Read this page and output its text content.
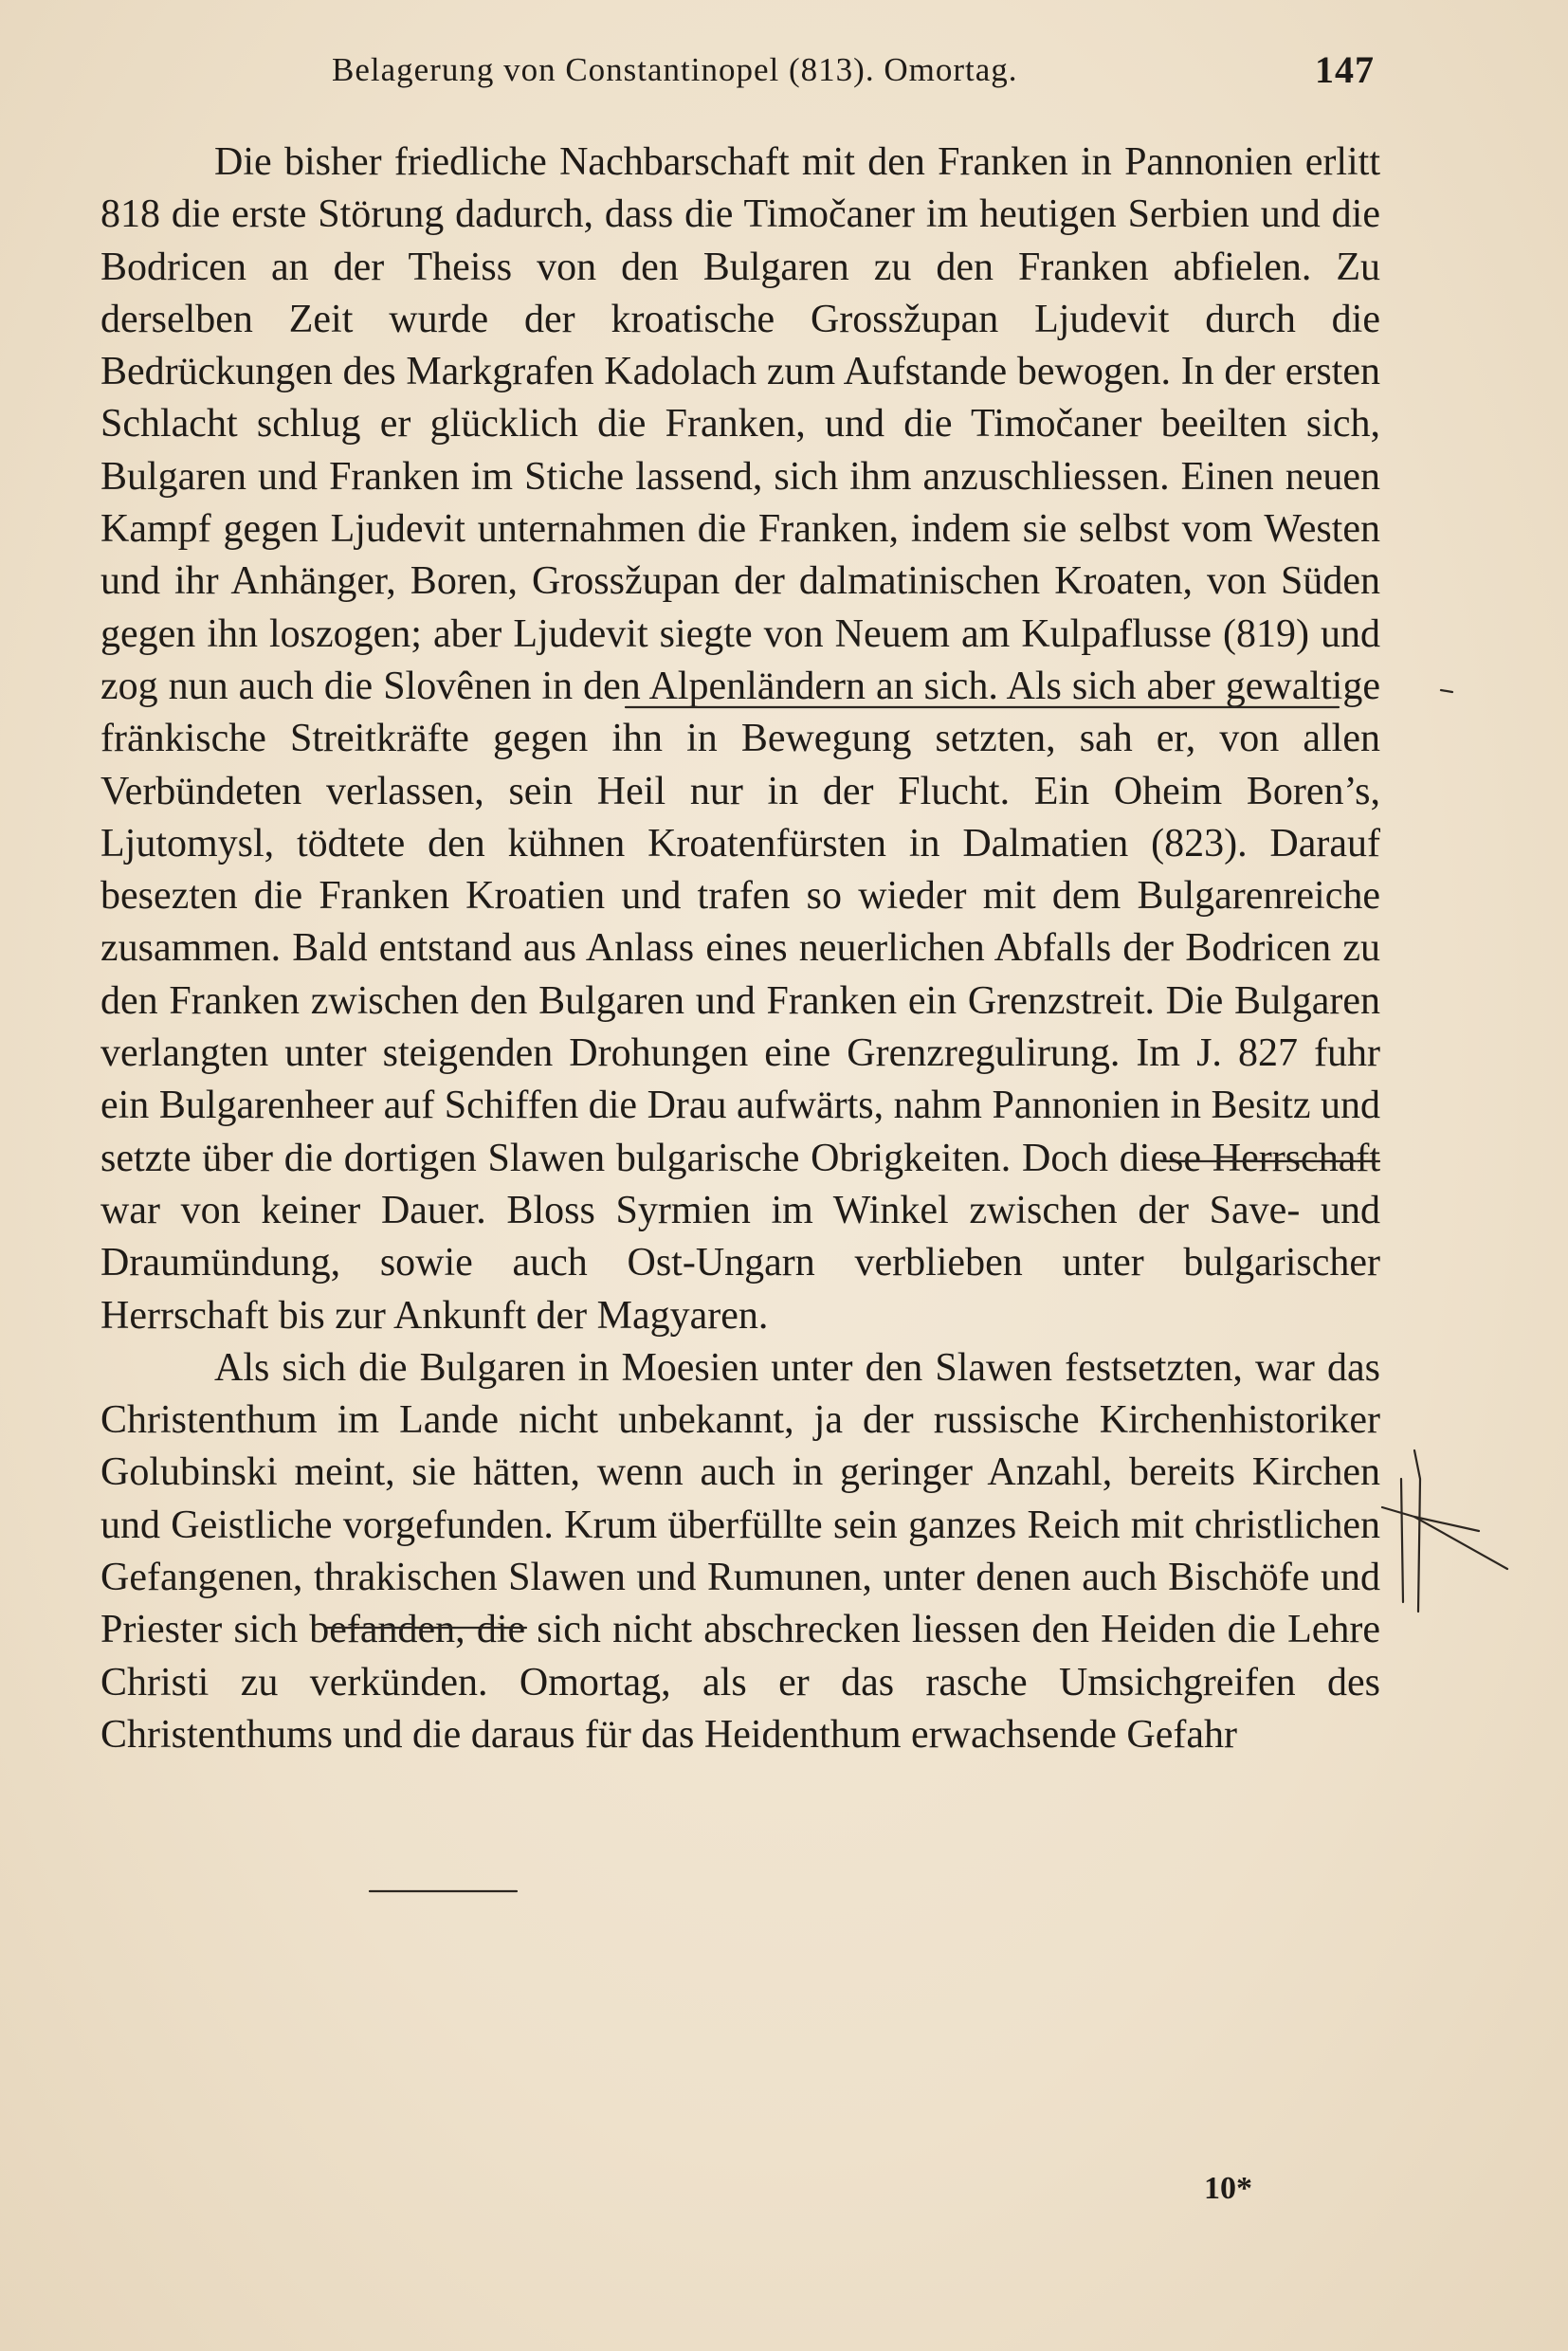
Belagerung von Constantinopel (813). Omortag.	147

Die bisher friedliche Nachbarschaft mit den Franken in Pannonien erlitt 818 die erste Störung dadurch, dass die Timočaner im heutigen Serbien und die Bodricen an der Theiss von den Bulgaren zu den Franken abfielen. Zu derselben Zeit wurde der kroatische Grossžupan Ljudevit durch die Bedrückungen des Markgrafen Kadolach zum Aufstande bewogen. In der ersten Schlacht schlug er glücklich die Franken, und die Timočaner beeilten sich, Bulgaren und Franken im Stiche lassend, sich ihm anzuschliessen. Einen neuen Kampf gegen Ljudevit unternahmen die Franken, indem sie selbst vom Westen und ihr Anhänger, Boren, Grossžupan der dalmatinischen Kroaten, von Süden gegen ihn loszogen; aber Ljudevit siegte von Neuem am Kulpaflusse (819) und zog nun auch die Slovênen in den Alpenländern an sich. Als sich aber gewaltige fränkische Streitkräfte gegen ihn in Bewegung setzten, sah er, von allen Verbündeten verlassen, sein Heil nur in der Flucht. Ein Oheim Boren’s, Ljutomysl, tödtete den kühnen Kroatenfürsten in Dalmatien (823). Darauf besezten die Franken Kroatien und trafen so wieder mit dem Bulgarenreiche zusammen. Bald entstand aus Anlass eines neuerlichen Abfalls der Bodricen zu den Franken zwischen den Bulgaren und Franken ein Grenzstreit. Die Bulgaren verlangten unter steigenden Drohungen eine Grenzregulirung. Im J. 827 fuhr ein Bulgarenheer auf Schiffen die Drau aufwärts, nahm Pannonien in Besitz und setzte über die dortigen Slawen bulgarische Obrigkeiten. Doch diese Herrschaft war von keiner Dauer. Bloss Syrmien im Winkel zwischen der Save- und Draumündung, sowie auch Ost-Ungarn verblieben unter bulgarischer Herrschaft bis zur Ankunft der Magyaren.

Als sich die Bulgaren in Moesien unter den Slawen festsetzten, war das Christenthum im Lande nicht unbekannt, ja der russische Kirchenhistoriker Golubinski meint, sie hätten, wenn auch in geringer Anzahl, bereits Kirchen und Geistliche vorgefunden. Krum überfüllte sein ganzes Reich mit christlichen Gefangenen, thrakischen Slawen und Rumunen, unter denen auch Bischöfe und Priester sich befanden, die sich nicht abschrecken liessen den Heiden die Lehre Christi zu verkünden. Omortag, als er das rasche Umsichgreifen des Christenthums und die daraus für das Heidenthum erwachsende Gefahr

10*
